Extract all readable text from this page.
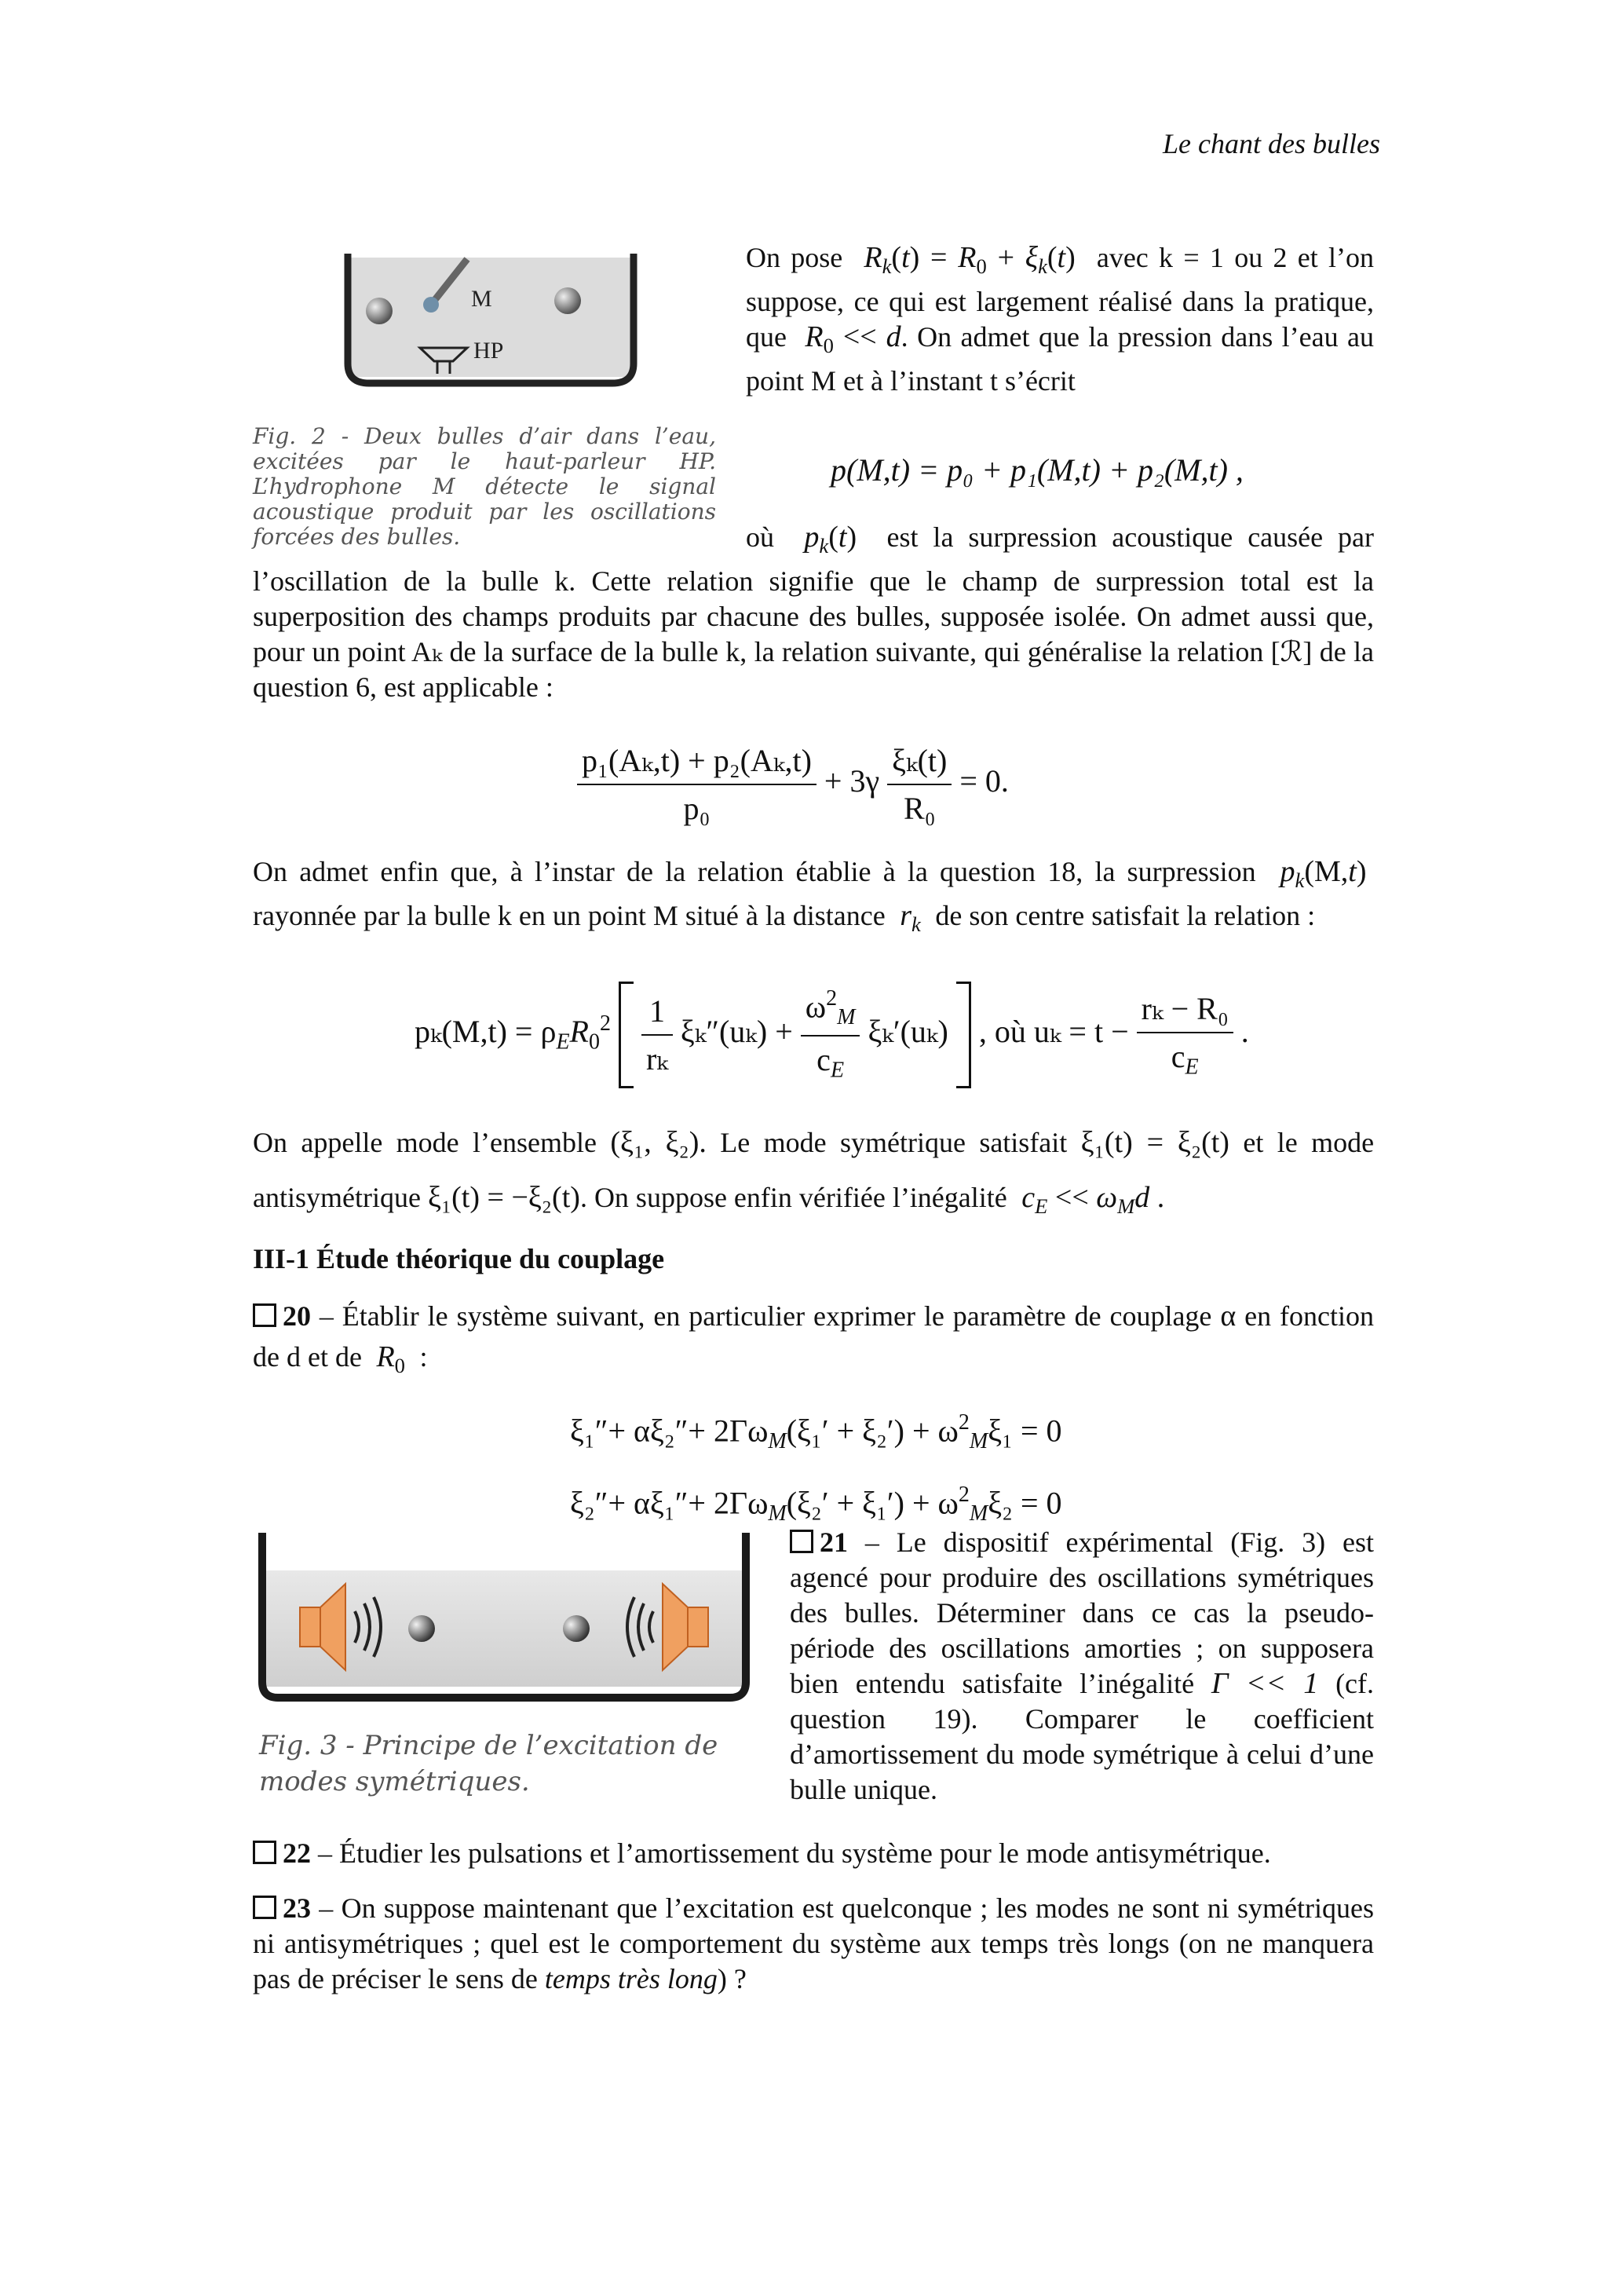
Le chant des bulles
M
HP
Fig. 2 - Deux bulles d’air dans l’eau, excitées par le haut-parleur HP. L’hydrophone M détecte le signal acoustique produit par les oscillations forcées des bulles.
On pose $R_k(t) = R_0 + \xi_k(t)$  avec k = 1 ou 2 et l’on suppose, ce qui est largement réalisé dans la pratique, que $R_0 << d$. On admet que la pression dans l’eau au point M et à l’instant t s’écrit
p(M,t) = p₀ + p₁(M,t) + p₂(M,t) ,
où $p_k(t)$  est la surpression acoustique causée par l’oscillation de la bulle k. Cette relation signifie que le champ de surpression total est la superposition des champs produits par chacune des bulles, supposée isolée. On admet aussi que, pour un point Aₖ de la surface de la bulle k, la relation suivante, qui généralise la relation [ℛ] de la question 6, est applicable :
$\frac{\text{p₁(Aₖ,t) + p₂(Aₖ,t)}}{\text{p₀}} + 3\gamma \frac{\text{ξₖ(t)}}{\text{R₀}} = 0$.
On admet enfin que, à l’instar de la relation établie à la question 18, la surpression $p_k(M,t)$  rayonnée par la bulle k en un point M situé à la distance $r_k$ de son centre satisfait la relation :
$p_k(M,t) = \rho_ER_0^2 \frac{1}{\text{rₖ}} \xi_k''(u_k) + \frac{\omega^2_M}{c_E} \xi_k'(u_k)$ , où $u_k = t - \frac{\text{rₖ − R₀}}{c_E}$ .
On appelle mode l’ensemble (ξ₁, ξ₂). Le mode symétrique satisfait ξ₁(t) = ξ₂(t) et le mode antisymétrique ξ₁(t) = −ξ₂(t). On suppose enfin vérifiée l’inégalité $c_E << \omega_Md$ .
III-1 Étude théorique du couplage
20 – Établir le système suivant, en particulier exprimer le paramètre de couplage α en fonction de d et de $R_0$ :
$\xi_1''+ \alpha\xi_2''+ 2\Gamma\omega_M(\xi_1' + \xi_2') + \omega^2_M\xi_1 = 0$
$\xi_2''+ \alpha\xi_1''+ 2\Gamma\omega_M(\xi_2' + \xi_1') + \omega^2_M\xi_2 = 0$
Fig. 3 - Principe de l’excitation de modes symétriques.
21 – Le dispositif expérimental (Fig. 3) est agencé pour produire des oscillations symétriques des bulles. Déterminer dans ce cas la pseudo-période des oscillations amorties ; on supposera bien entendu satisfaite l’inégalité Γ << 1 (cf. question 19). Comparer le coefficient d’amortissement du mode symétrique à celui d’une bulle unique.
22 – Étudier les pulsations et l’amortissement du système pour le mode antisymétrique.
23 – On suppose maintenant que l’excitation est quelconque ; les modes ne sont ni symétriques ni antisymétriques ; quel est le comportement du système aux temps très longs (on ne manquera pas de préciser le sens de temps très long) ?
